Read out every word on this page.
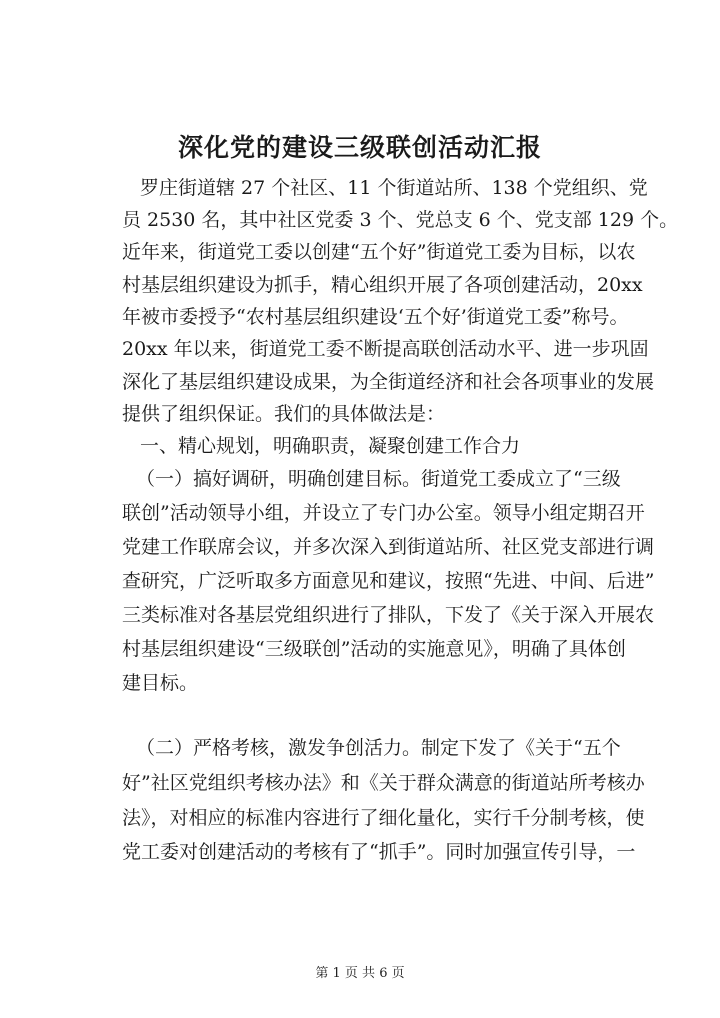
深化党的建设三级联创活动汇报
罗庄街道辖 27 个社区、11 个街道站所、138 个党组织、党
员 2530 名，其中社区党委 3 个、党总支 6 个、党支部 129 个。
近年来，街道党工委以创建“五个好”街道党工委为目标，以农
村基层组织建设为抓手，精心组织开展了各项创建活动，20xx
年被市委授予“农村基层组织建设‘五个好’街道党工委”称号。
20xx 年以来，街道党工委不断提高联创活动水平、进一步巩固
深化了基层组织建设成果，为全街道经济和社会各项事业的发展
提供了组织保证。我们的具体做法是：
一、精心规划，明确职责，凝聚创建工作合力
（一）搞好调研，明确创建目标。街道党工委成立了“三级
联创”活动领导小组，并设立了专门办公室。领导小组定期召开
党建工作联席会议，并多次深入到街道站所、社区党支部进行调
查研究，广泛听取多方面意见和建议，按照“先进、中间、后进”
三类标准对各基层党组织进行了排队，下发了《关于深入开展农
村基层组织建设“三级联创”活动的实施意见》，明确了具体创
建目标。
（二）严格考核，激发争创活力。制定下发了《关于“五个
好”社区党组织考核办法》和《关于群众满意的街道站所考核办
法》，对相应的标准内容进行了细化量化，实行千分制考核，使
党工委对创建活动的考核有了“抓手”。同时加强宣传引导，一
第 1 页 共 6 页
